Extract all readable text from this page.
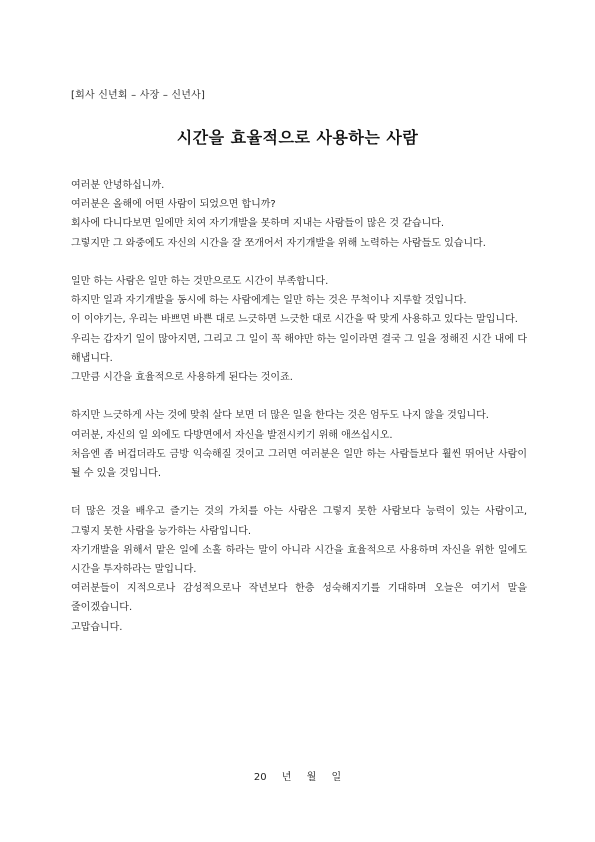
[회사 신년회 – 사장 – 신년사]
시간을 효율적으로 사용하는 사람
여러분 안녕하십니까.
여러분은 올해에 어떤 사람이 되었으면 합니까?
회사에 다니다보면 일에만 치여 자기개발을 못하며 지내는 사람들이 많은 것 같습니다.
그렇지만 그 와중에도 자신의 시간을 잘 쪼개어서 자기개발을 위해 노력하는 사람들도 있습니다.
일만 하는 사람은 일만 하는 것만으로도 시간이 부족합니다.
하지만 일과 자기개발을 동시에 하는 사람에게는 일만 하는 것은 무척이나 지루할 것입니다.
이 이야기는, 우리는 바쁘면 바쁜 대로 느긋하면 느긋한 대로 시간을 딱 맞게 사용하고 있다는 말입니다.
우리는 갑자기 일이 많아지면, 그리고 그 일이 꼭 해야만 하는 일이라면 결국 그 일을 정해진 시간 내에 다 해냅니다.
그만큼 시간을 효율적으로 사용하게 된다는 것이죠.
하지만 느긋하게 사는 것에 맞춰 살다 보면 더 많은 일을 한다는 것은 엄두도 나지 않을 것입니다.
여러분, 자신의 일 외에도 다방면에서 자신을 발전시키기 위해 애쓰십시오.
처음엔 좀 버겁더라도 금방 익숙해질 것이고 그러면 여러분은 일만 하는 사람들보다 훨씬 뛰어난 사람이 될 수 있을 것입니다.
더 많은 것을 배우고 즐기는 것의 가치를 아는 사람은 그렇지 못한 사람보다 능력이 있는 사람이고, 그렇지 못한 사람을 능가하는 사람입니다.
자기개발을 위해서 맡은 일에 소홀 하라는 말이 아니라 시간을 효율적으로 사용하며 자신을 위한 일에도 시간을 투자하라는 말입니다.
여러분들이 지적으로나 감성적으로나 작년보다 한층 성숙해지기를 기대하며 오늘은 여기서 말을 줄이겠습니다.
고맙습니다.
20 년 월 일
